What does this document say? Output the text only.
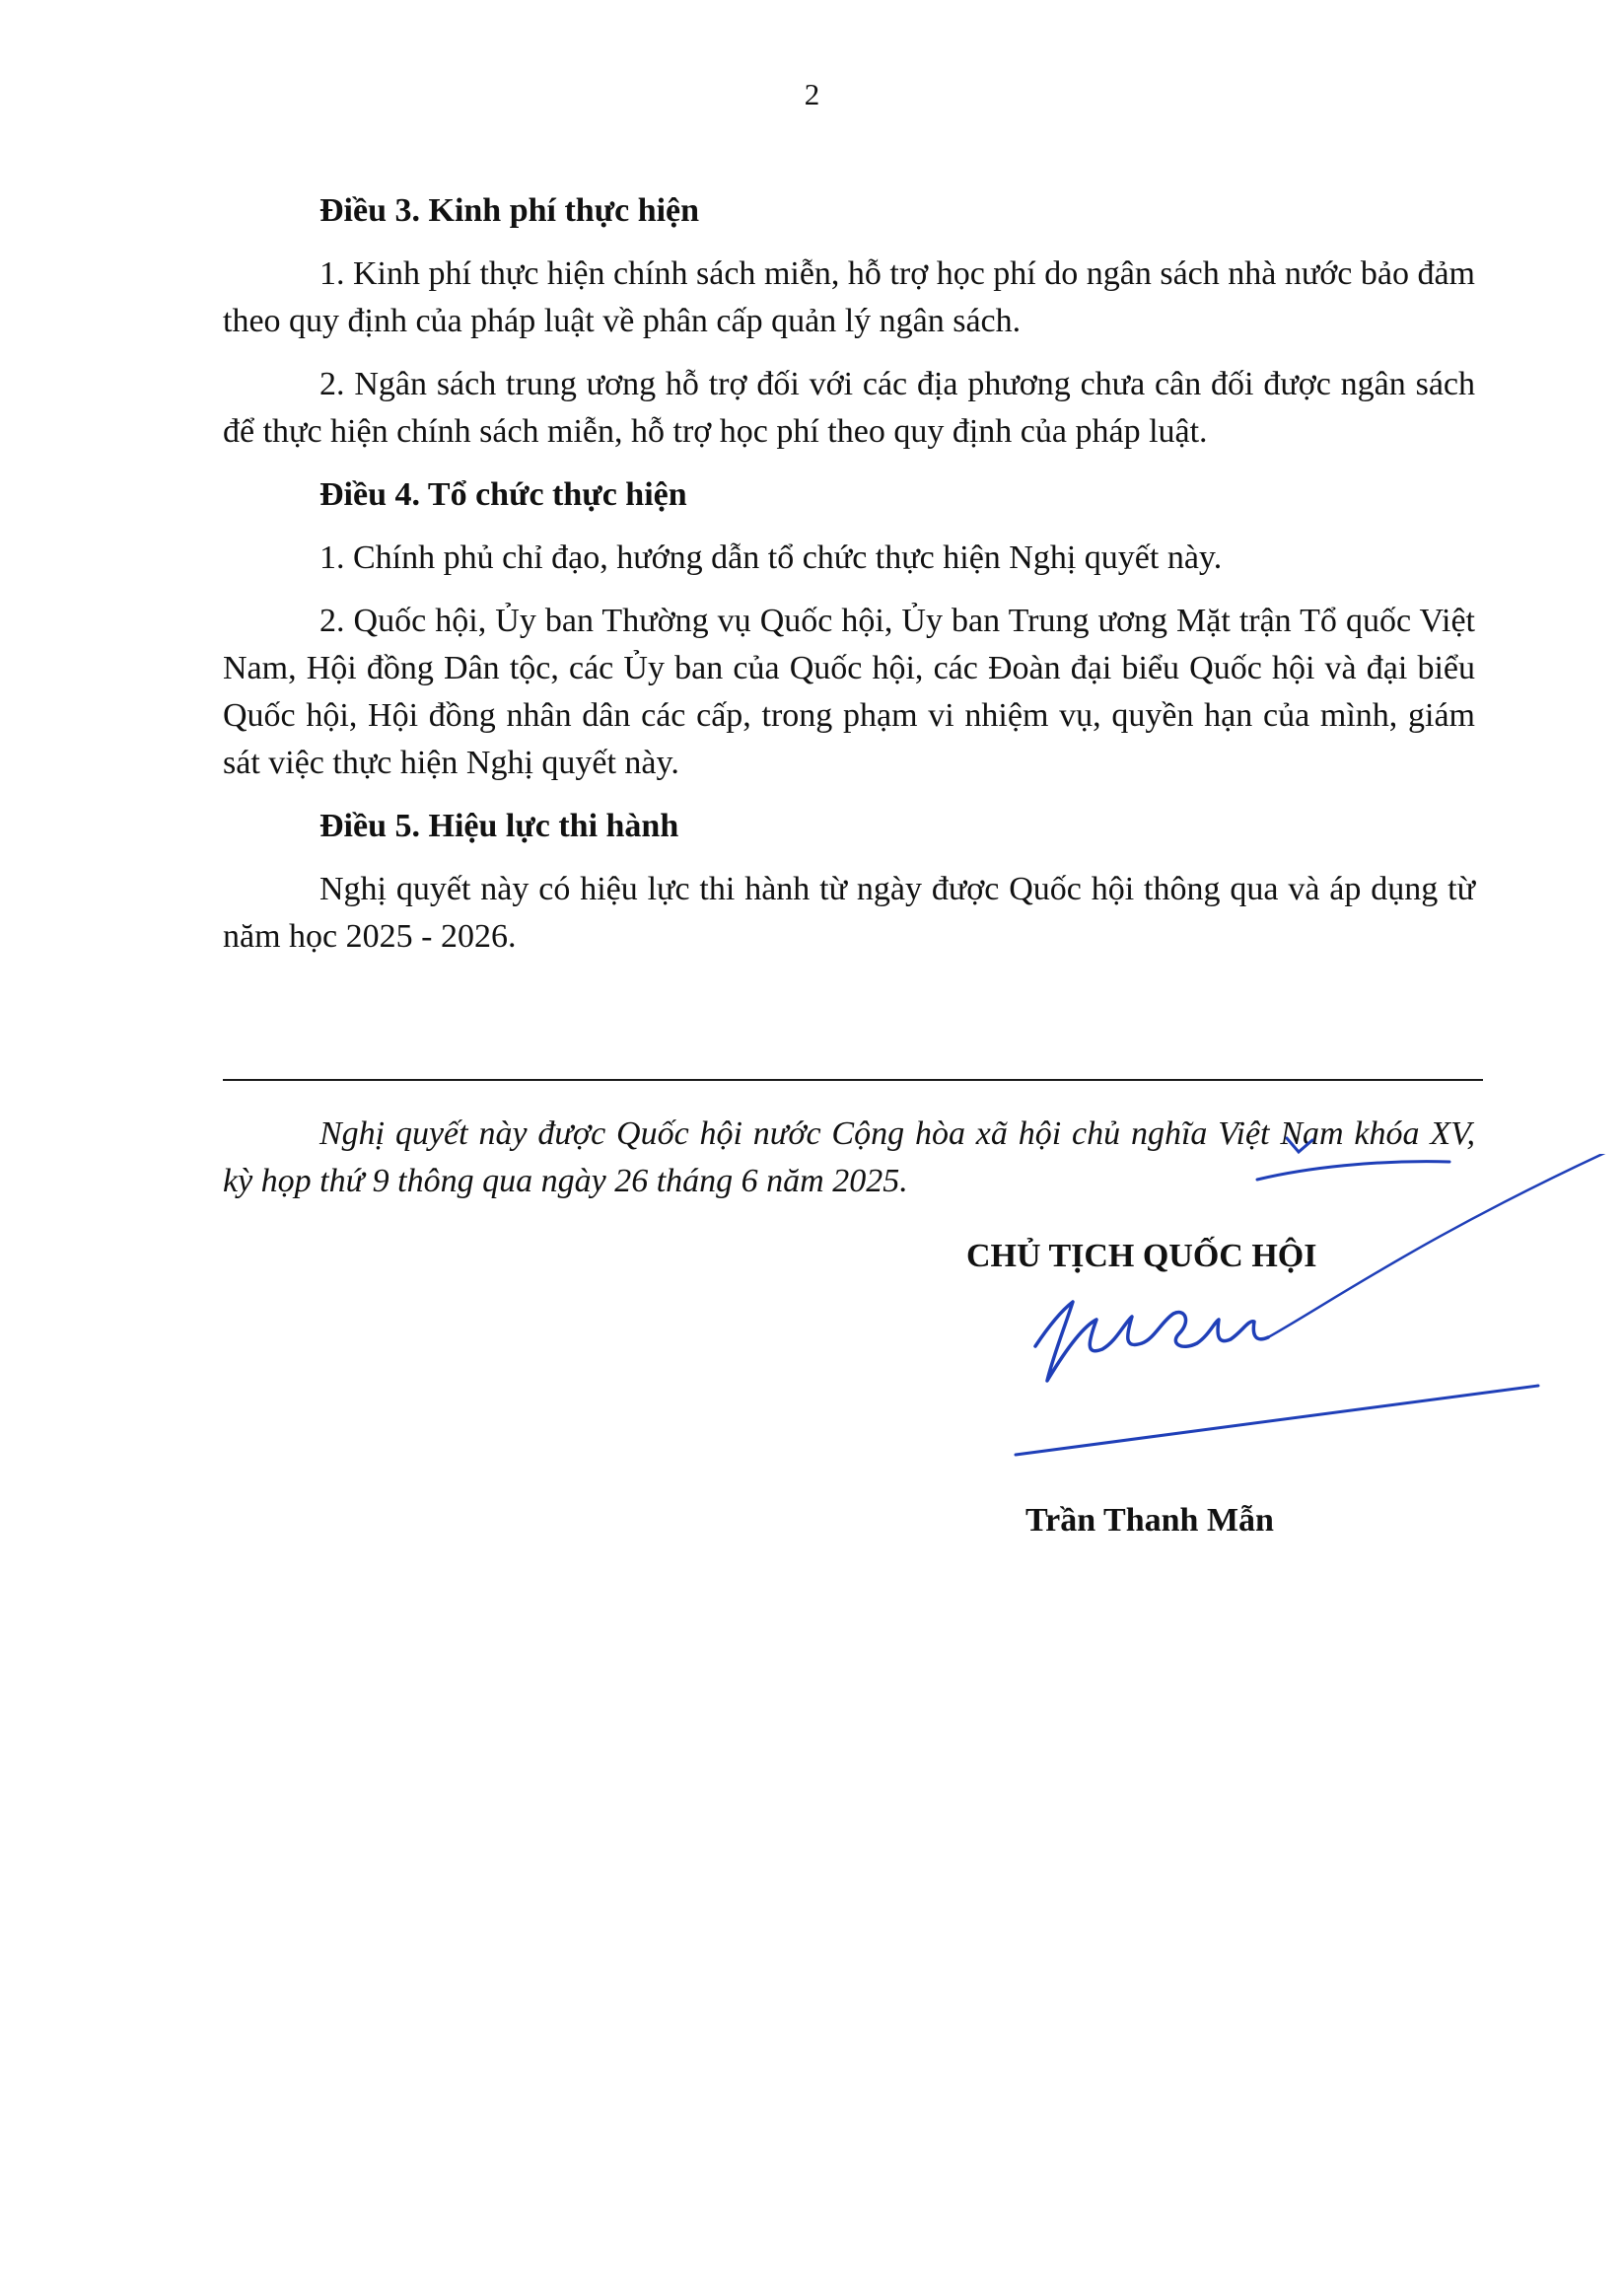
2

Điều 3. Kinh phí thực hiện

1. Kinh phí thực hiện chính sách miễn, hỗ trợ học phí do ngân sách nhà nước bảo đảm theo quy định của pháp luật về phân cấp quản lý ngân sách.

2. Ngân sách trung ương hỗ trợ đối với các địa phương chưa cân đối được ngân sách để thực hiện chính sách miễn, hỗ trợ học phí theo quy định của pháp luật.

Điều 4. Tổ chức thực hiện

1. Chính phủ chỉ đạo, hướng dẫn tổ chức thực hiện Nghị quyết này.

2. Quốc hội, Ủy ban Thường vụ Quốc hội, Ủy ban Trung ương Mặt trận Tổ quốc Việt Nam, Hội đồng Dân tộc, các Ủy ban của Quốc hội, các Đoàn đại biểu Quốc hội và đại biểu Quốc hội, Hội đồng nhân dân các cấp, trong phạm vi nhiệm vụ, quyền hạn của mình, giám sát việc thực hiện Nghị quyết này.

Điều 5. Hiệu lực thi hành

Nghị quyết này có hiệu lực thi hành từ ngày được Quốc hội thông qua và áp dụng từ năm học 2025 - 2026.

Nghị quyết này được Quốc hội nước Cộng hòa xã hội chủ nghĩa Việt Nam khóa XV, kỳ họp thứ 9 thông qua ngày 26 tháng 6 năm 2025.

CHỦ TỊCH QUỐC HỘI

Trần Thanh Mẫn
